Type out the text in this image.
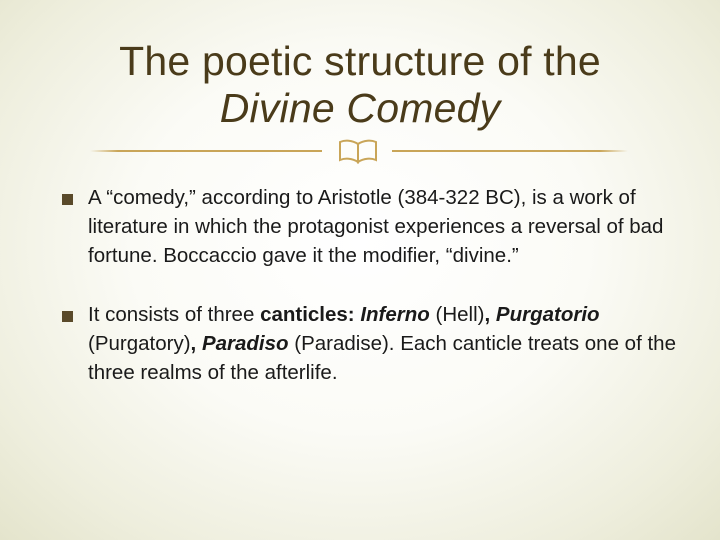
The poetic structure of the
Divine Comedy
A “comedy,” according to Aristotle (384-322 BC), is a work of literature in which the protagonist experiences a reversal of bad fortune. Boccaccio gave it the modifier, “divine.”
It consists of three canticles: Inferno (Hell), Purgatorio (Purgatory), Paradiso (Paradise). Each canticle treats one of the three realms of the afterlife.
